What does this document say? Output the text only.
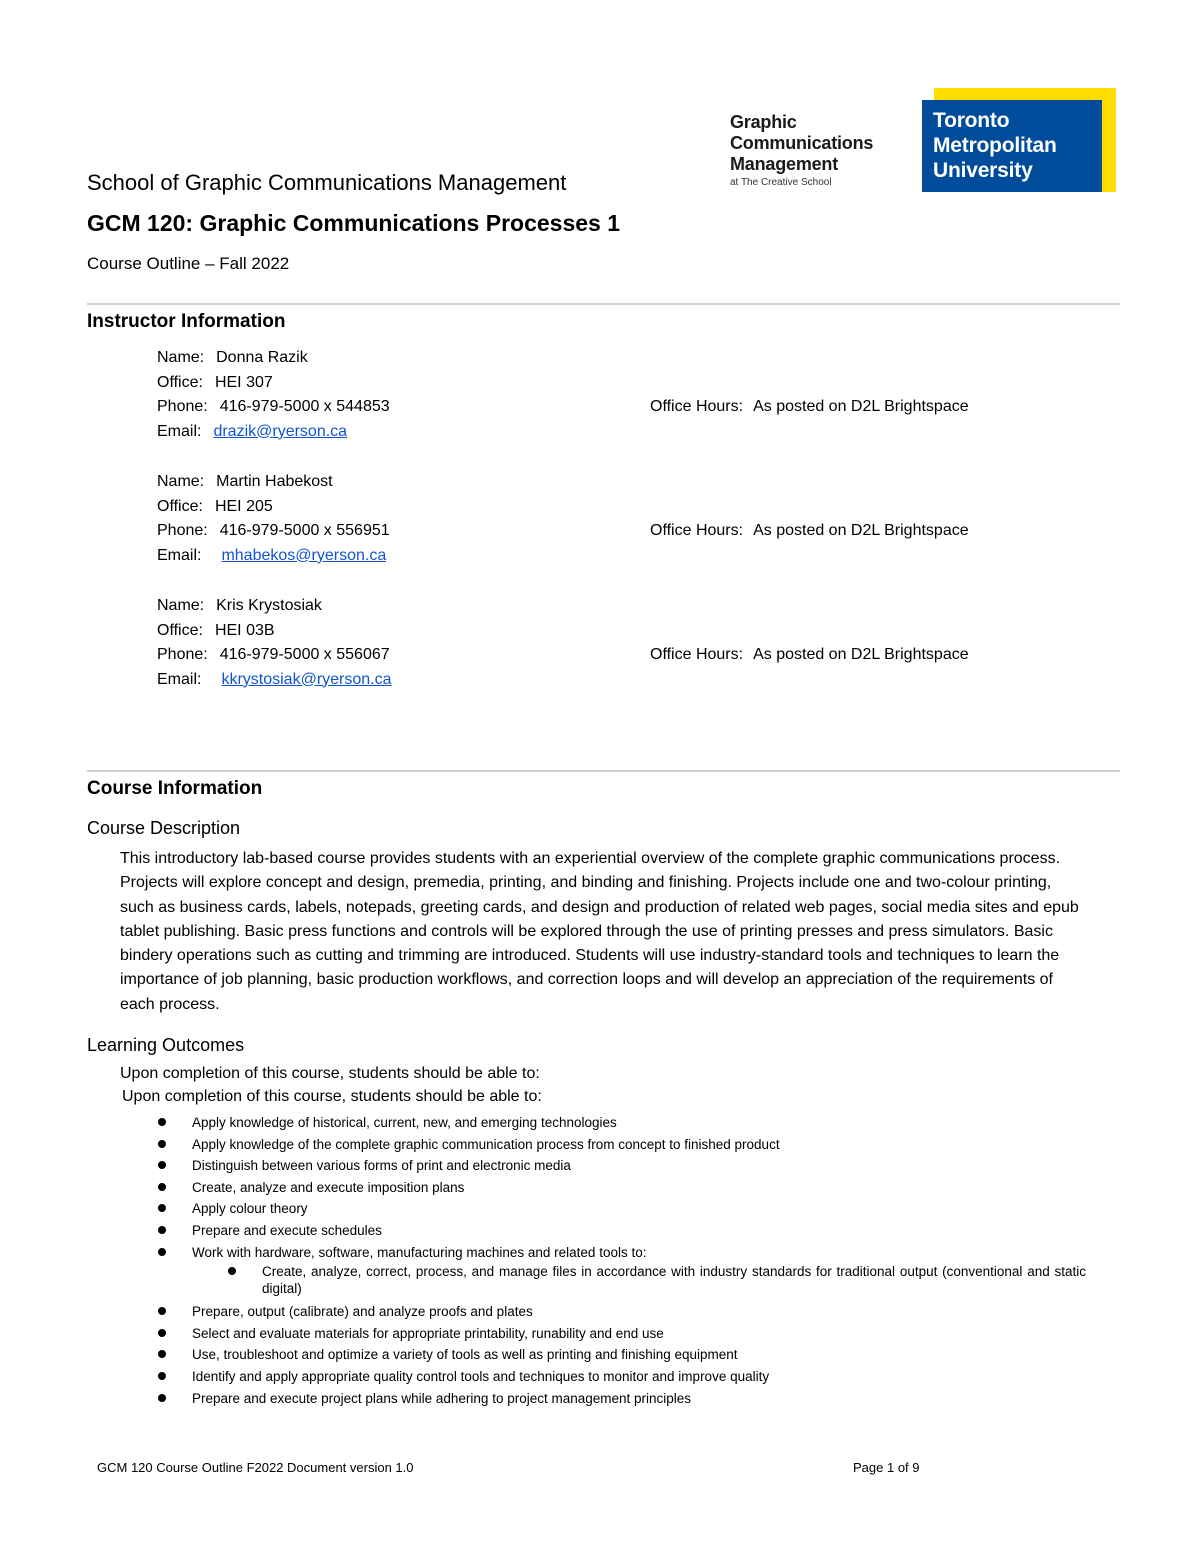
Graphic
Communications
Management
at The Creative School
Toronto
Metropolitan
University
School of Graphic Communications Management
GCM 120: Graphic Communications Processes 1
Course Outline – Fall 2022
Instructor Information
Name: Donna Razik
Office: HEI 307
Phone: 416-979-5000 x 544853	Office Hours: As posted on D2L Brightspace
Email: drazik@ryerson.ca
Name: Martin Habekost
Office: HEI 205
Phone: 416-979-5000 x 556951	Office Hours: As posted on D2L Brightspace
Email: mhabekos@ryerson.ca
Name: Kris Krystosiak
Office: HEI 03B
Phone: 416-979-5000 x 556067	Office Hours: As posted on D2L Brightspace
Email: kkrystosiak@ryerson.ca
Course Information
Course Description
This introductory lab-based course provides students with an experiential overview of the complete graphic communications process. Projects will explore concept and design, premedia, printing, and binding and finishing. Projects include one and two-colour printing, such as business cards, labels, notepads, greeting cards, and design and production of related web pages, social media sites and epub tablet publishing. Basic press functions and controls will be explored through the use of printing presses and press simulators. Basic bindery operations such as cutting and trimming are introduced. Students will use industry-standard tools and techniques to learn the importance of job planning, basic production workflows, and correction loops and will develop an appreciation of the requirements of each process.
Learning Outcomes
Upon completion of this course, students should be able to:
Upon completion of this course, students should be able to:
Apply knowledge of historical, current, new, and emerging technologies
Apply knowledge of the complete graphic communication process from concept to finished product
Distinguish between various forms of print and electronic media
Create, analyze and execute imposition plans
Apply colour theory
Prepare and execute schedules
Work with hardware, software, manufacturing machines and related tools to:
Create, analyze, correct, process, and manage files in accordance with industry standards for traditional output (conventional and static digital)
Prepare, output (calibrate) and analyze proofs and plates
Select and evaluate materials for appropriate printability, runability and end use
Use, troubleshoot and optimize a variety of tools as well as printing and finishing equipment
Identify and apply appropriate quality control tools and techniques to monitor and improve quality
Prepare and execute project plans while adhering to project management principles
GCM 120 Course Outline F2022 Document version 1.0	Page 1 of 9
